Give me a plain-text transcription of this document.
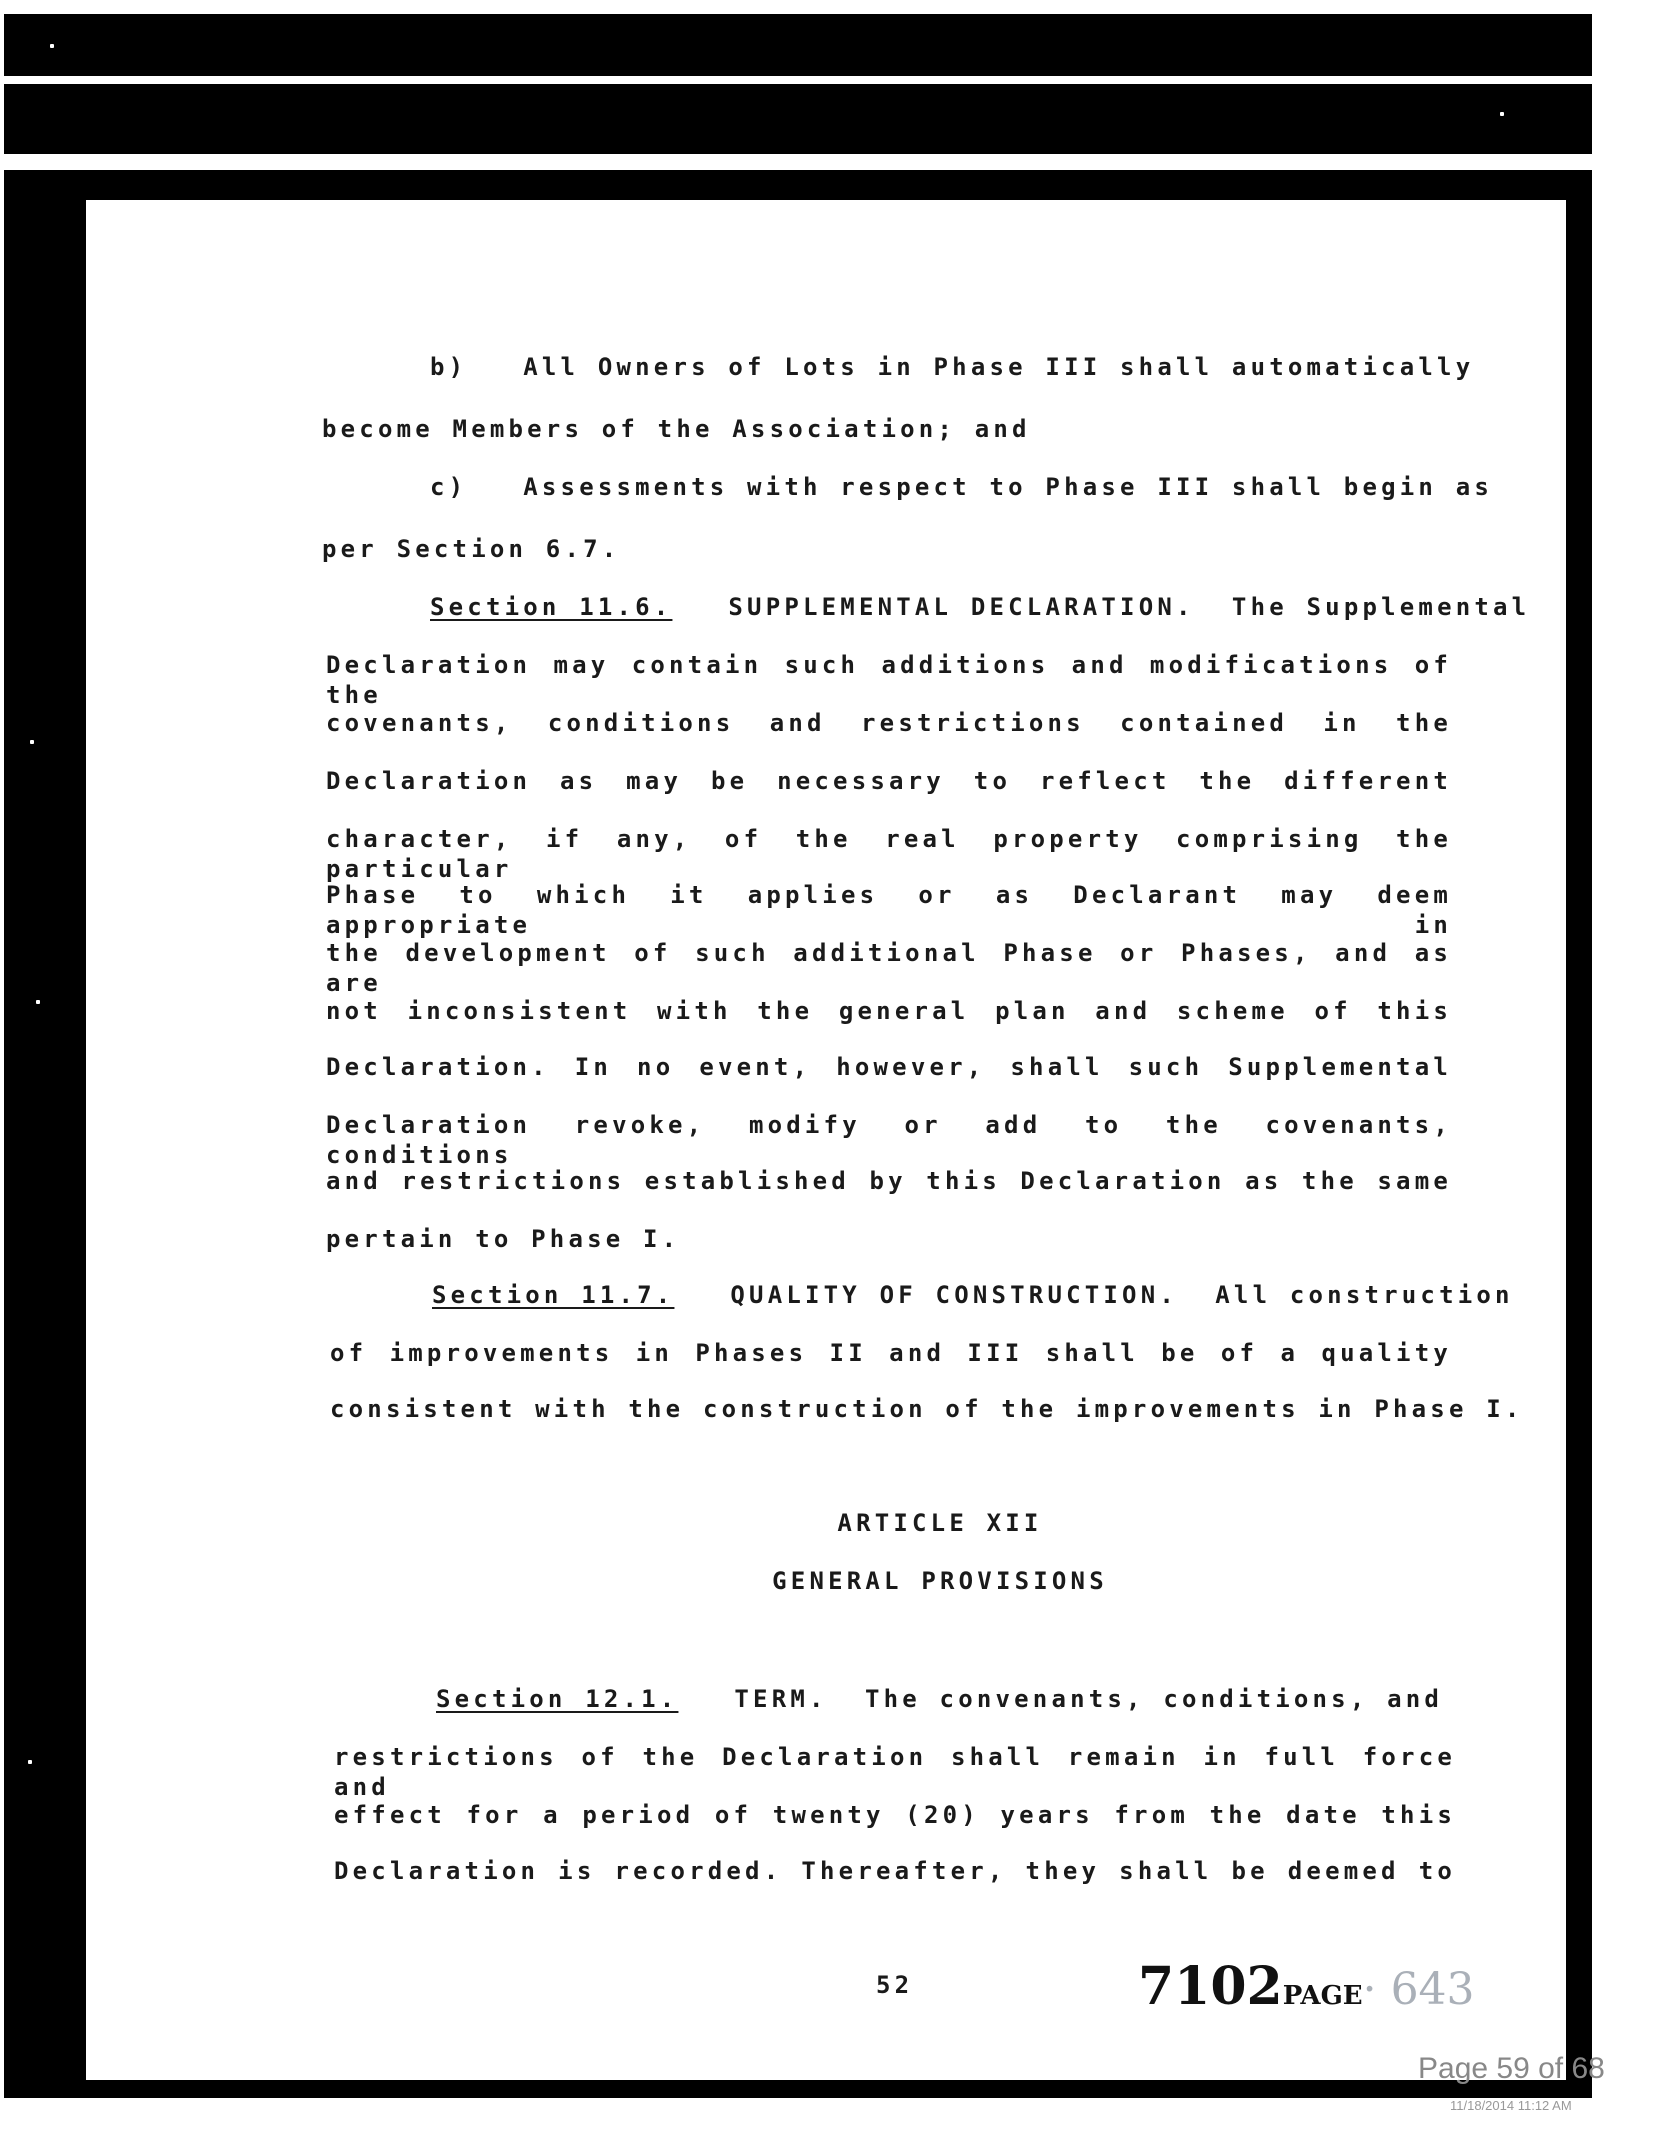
b)   All Owners of Lots in Phase III shall automatically
become Members of the Association; and
c)   Assessments with respect to Phase III shall begin as
per Section 6.7.
Section 11.6. SUPPLEMENTAL DECLARATION.  The Supplemental
Declaration may contain such additions and modifications of the
covenants, conditions and restrictions contained in the
Declaration as may be necessary to reflect the different
character, if any, of the real property comprising the particular
Phase to which it applies or as Declarant may deem appropriate in
the development of such additional Phase or Phases, and as are
not inconsistent with the general plan and scheme of this
Declaration. In no event, however, shall such Supplemental
Declaration revoke, modify or add to the covenants, conditions
and restrictions established by this Declaration as the same
pertain to Phase I.
Section 11.7. QUALITY OF CONSTRUCTION.  All construction
of improvements in Phases II and III shall be of a quality
consistent with the construction of the improvements in Phase I.
ARTICLE XII
GENERAL PROVISIONS
Section 12.1. TERM.  The convenants, conditions, and
restrictions of the Declaration shall remain in full force and
effect for a period of twenty (20) years from the date this
Declaration is recorded. Thereafter, they shall be deemed to
52	7102PAGE· 643
Page 59 of 68
11/18/2014 11:12 AM
